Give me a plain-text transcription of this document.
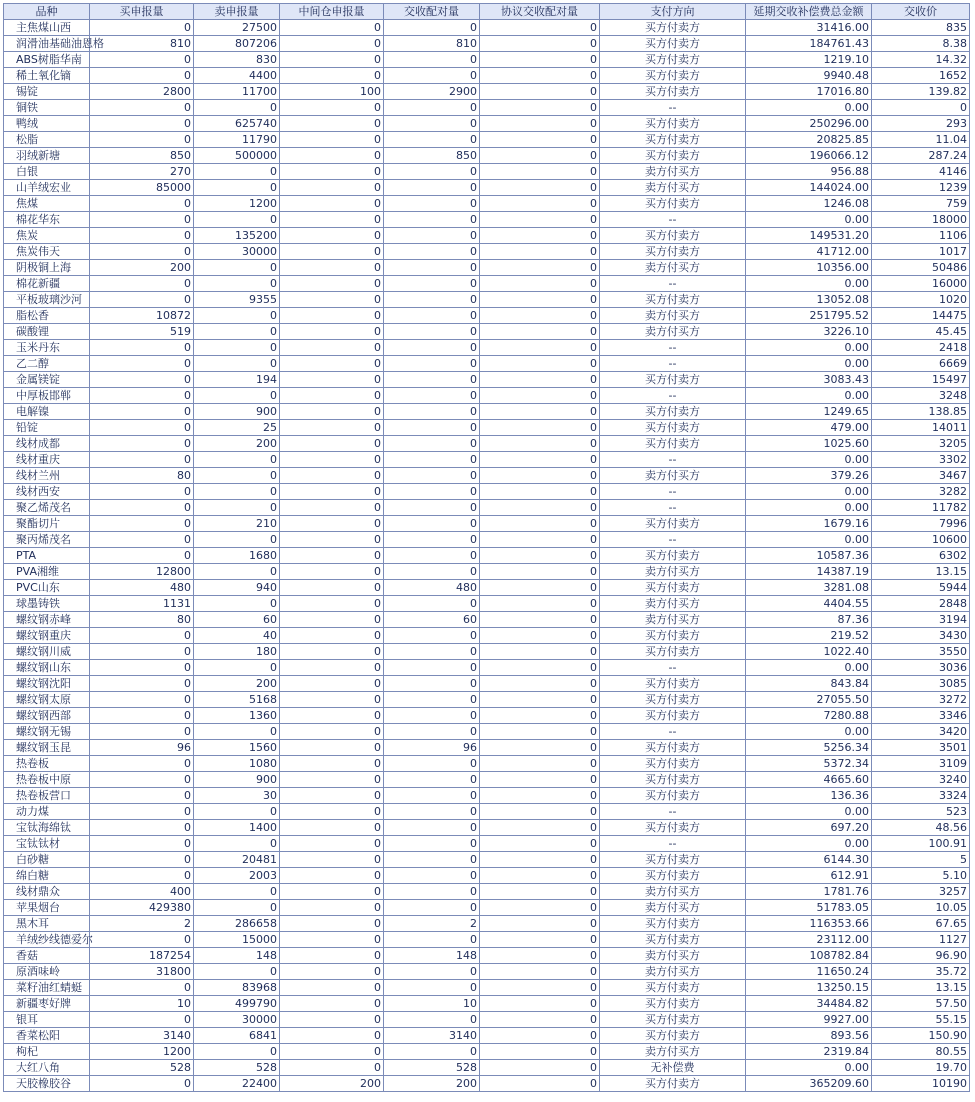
品种	买申报量	卖申报量	中间仓申报量	交收配对量	协议交收配对量	支付方向	延期交收补偿费总金额	交收价
主焦煤山西	0	27500	0	0	0	买方付卖方	31416.00	835
润滑油基础油恩格	810	807206	0	810	0	买方付卖方	184761.43	8.38
ABS树脂华南	0	830	0	0	0	买方付卖方	1219.10	14.32
稀土氧化镝	0	4400	0	0	0	买方付卖方	9940.48	1652
锡锭	2800	11700	100	2900	0	买方付卖方	17016.80	139.82
铜铁	0	0	0	0	0	--	0.00	0
鸭绒	0	625740	0	0	0	买方付卖方	250296.00	293
松脂	0	11790	0	0	0	买方付卖方	20825.85	11.04
羽绒新塘	850	500000	0	850	0	买方付卖方	196066.12	287.24
白银	270	0	0	0	0	卖方付买方	956.88	4146
山羊绒宏业	85000	0	0	0	0	卖方付买方	144024.00	1239
焦煤	0	1200	0	0	0	买方付卖方	1246.08	759
棉花华东	0	0	0	0	0	--	0.00	18000
焦炭	0	135200	0	0	0	买方付卖方	149531.20	1106
焦炭伟天	0	30000	0	0	0	买方付卖方	41712.00	1017
阴极铜上海	200	0	0	0	0	卖方付买方	10356.00	50486
棉花新疆	0	0	0	0	0	--	0.00	16000
平板玻璃沙河	0	9355	0	0	0	买方付卖方	13052.08	1020
脂松香	10872	0	0	0	0	卖方付买方	251795.52	14475
碳酸锂	519	0	0	0	0	卖方付买方	3226.10	45.45
玉米丹东	0	0	0	0	0	--	0.00	2418
乙二醇	0	0	0	0	0	--	0.00	6669
金属镁锭	0	194	0	0	0	买方付卖方	3083.43	15497
中厚板邯郸	0	0	0	0	0	--	0.00	3248
电解镍	0	900	0	0	0	买方付卖方	1249.65	138.85
铅锭	0	25	0	0	0	买方付卖方	479.00	14011
线材成都	0	200	0	0	0	买方付卖方	1025.60	3205
线材重庆	0	0	0	0	0	--	0.00	3302
线材兰州	80	0	0	0	0	卖方付买方	379.26	3467
线材西安	0	0	0	0	0	--	0.00	3282
聚乙烯茂名	0	0	0	0	0	--	0.00	11782
聚酯切片	0	210	0	0	0	买方付卖方	1679.16	7996
聚丙烯茂名	0	0	0	0	0	--	0.00	10600
PTA	0	1680	0	0	0	买方付卖方	10587.36	6302
PVA湘维	12800	0	0	0	0	卖方付买方	14387.19	13.15
PVC山东	480	940	0	480	0	买方付卖方	3281.08	5944
球墨铸铁	1131	0	0	0	0	卖方付买方	4404.55	2848
螺纹钢赤峰	80	60	0	60	0	卖方付买方	87.36	3194
螺纹钢重庆	0	40	0	0	0	买方付卖方	219.52	3430
螺纹钢川威	0	180	0	0	0	买方付卖方	1022.40	3550
螺纹钢山东	0	0	0	0	0	--	0.00	3036
螺纹钢沈阳	0	200	0	0	0	买方付卖方	843.84	3085
螺纹钢太原	0	5168	0	0	0	买方付卖方	27055.50	3272
螺纹钢西部	0	1360	0	0	0	买方付卖方	7280.88	3346
螺纹钢无锡	0	0	0	0	0	--	0.00	3420
螺纹钢玉昆	96	1560	0	96	0	买方付卖方	5256.34	3501
热卷板	0	1080	0	0	0	买方付卖方	5372.34	3109
热卷板中原	0	900	0	0	0	买方付卖方	4665.60	3240
热卷板营口	0	30	0	0	0	买方付卖方	136.36	3324
动力煤	0	0	0	0	0	--	0.00	523
宝钛海绵钛	0	1400	0	0	0	买方付卖方	697.20	48.56
宝钛钛材	0	0	0	0	0	--	0.00	100.91
白砂糖	0	20481	0	0	0	买方付卖方	6144.30	5
绵白糖	0	2003	0	0	0	买方付卖方	612.91	5.10
线材鼎众	400	0	0	0	0	卖方付买方	1781.76	3257
苹果烟台	429380	0	0	0	0	卖方付买方	51783.05	10.05
黑木耳	2	286658	0	2	0	买方付卖方	116353.66	67.65
羊绒纱线德爱尔	0	15000	0	0	0	买方付卖方	23112.00	1127
香菇	187254	148	0	148	0	卖方付买方	108782.84	96.90
原酒味岭	31800	0	0	0	0	卖方付买方	11650.24	35.72
菜籽油红蜻蜓	0	83968	0	0	0	买方付卖方	13250.15	13.15
新疆枣好牌	10	499790	0	10	0	买方付卖方	34484.82	57.50
银耳	0	30000	0	0	0	买方付卖方	9927.00	55.15
香菜松阳	3140	6841	0	3140	0	买方付卖方	893.56	150.90
枸杞	1200	0	0	0	0	卖方付买方	2319.84	80.55
大红八角	528	528	0	528	0	无补偿费	0.00	19.70
天胶橡胶谷	0	22400	200	200	0	买方付卖方	365209.60	10190
